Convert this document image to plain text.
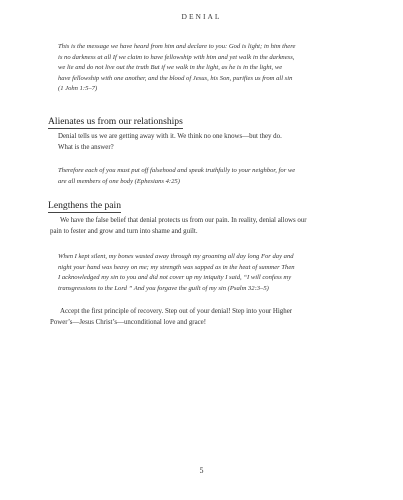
DENIAL

This is the message we have heard from him and declare to you: God is light; in him there

is no darkness at all If we claim to have fellowship with him and yet walk in the darkness,

we lie and do not live out the truth But if we walk in the light, as he is in the light, we

have fellowship with one another, and the blood of Jesus, his Son, purifies us from all sin

(1 John 1:5–7)

Alienates us from our relationships

Denial tells us we are getting away with it. We think no one knows—but they do.

What is the answer?

Therefore each of you must put off falsehood and speak truthfully to your neighbor, for we

are all members of one body (Ephesians 4:25)

Lengthens the pain

We have the false belief that denial protects us from our pain. In reality, denial allows our

pain to fester and grow and turn into shame and guilt.

When I kept silent, my bones wasted away through my groaning all day long For day and

night your hand was heavy on me; my strength was sapped as in the heat of summer Then

I acknowledged my sin to you and did not cover up my iniquity I said, “I will confess my

transgressions to the Lord ” And you forgave the guilt of my sin (Psalm 32:3–5)

Accept the first principle of recovery. Step out of your denial! Step into your Higher

Power’s—Jesus Christ’s—unconditional love and grace!

5
